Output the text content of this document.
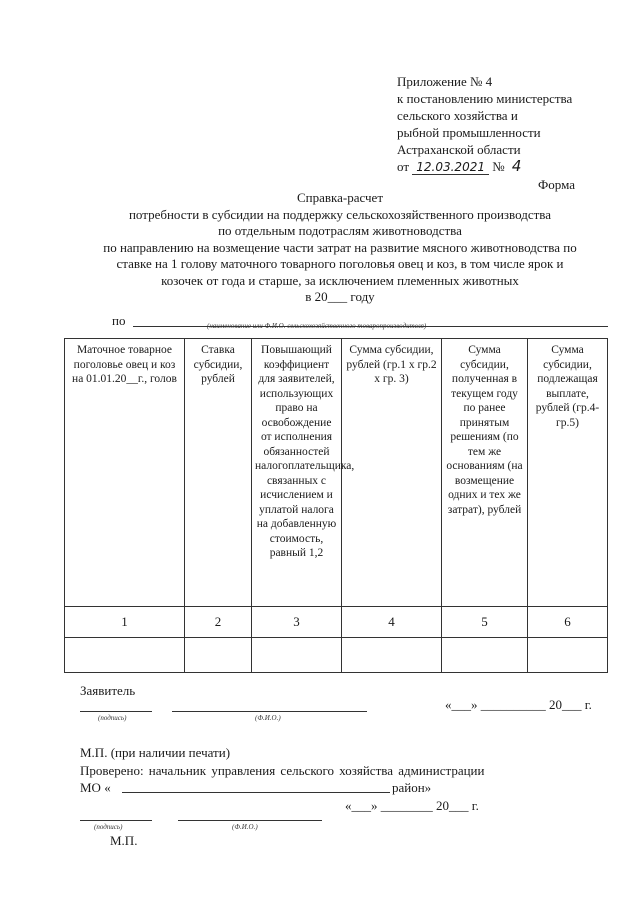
Приложение № 4
к постановлению министерства
сельского хозяйства и
рыбной промышленности
Астраханской области
от 12.03.2021 № 4
Форма
Справка-расчет
потребности в субсидии на поддержку сельскохозяйственного производства
по отдельным подотраслям животноводства
по направлению на возмещение части затрат на развитие мясного животноводства по
ставке на 1 голову маточного товарного поголовья овец и коз, в том числе ярок и
козочек от года и старше, за исключением племенных животных
в 20___ году
по	(наименование или Ф.И.О. сельскохозяйственного товаропроизводителя)
Маточное товарное поголовье овец и коз на 01.01.20__г., голов	Ставка субсидии, рублей	Повышающий коэффициент для заявителей, использующих право на освобождение от исполнения обязанностей налогоплательщика, связанных с исчислением и уплатой налога на добавленную стоимость, равный 1,2	Сумма субсидии, рублей (гр.1 х гр.2 х гр. 3)	Сумма субсидии, полученная в текущем году по ранее принятым решениям (по тем же основаниям (на возмещение одних и тех же затрат), рублей	Сумма субсидии, подлежащая выплате, рублей (гр.4-гр.5)
1	2	3	4	5	6

Заявитель
(подпись)	(Ф.И.О.)
«___» __________ 20___ г.
М.П. (при наличии печати)
Проверено: начальник управления сельского хозяйства администрации
МО «	район»
(подпись)	(Ф.И.О.)
«___» ________ 20___ г.
М.П.
